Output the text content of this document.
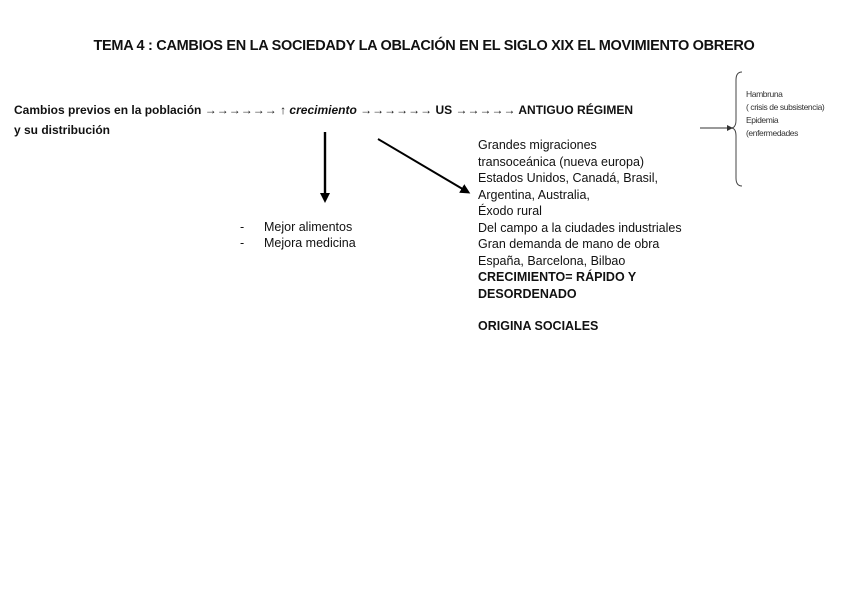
TEMA 4 : CAMBIOS EN LA SOCIEDADY LA OBLACIÓN EN EL SIGLO XIX EL MOVIMIENTO OBRERO
Cambios previos en la población →→→→→→ ↑ crecimiento →→→→→→ US →→→→→ ANTIGUO RÉGIMEN
y su distribución
Hambruna
( crisis de subsistencia)
Epidemia
(enfermedades
-	Mejor alimentos
-	Mejora medicina
Grandes migraciones
transoceánica (nueva europa)
Estados Unidos, Canadá, Brasil,
Argentina, Australia,
Éxodo rural
Del campo a la ciudades industriales
Gran demanda de mano de obra
España, Barcelona, Bilbao
CRECIMIENTO= RÁPIDO Y
DESORDENADO
ORIGINA SOCIALES
